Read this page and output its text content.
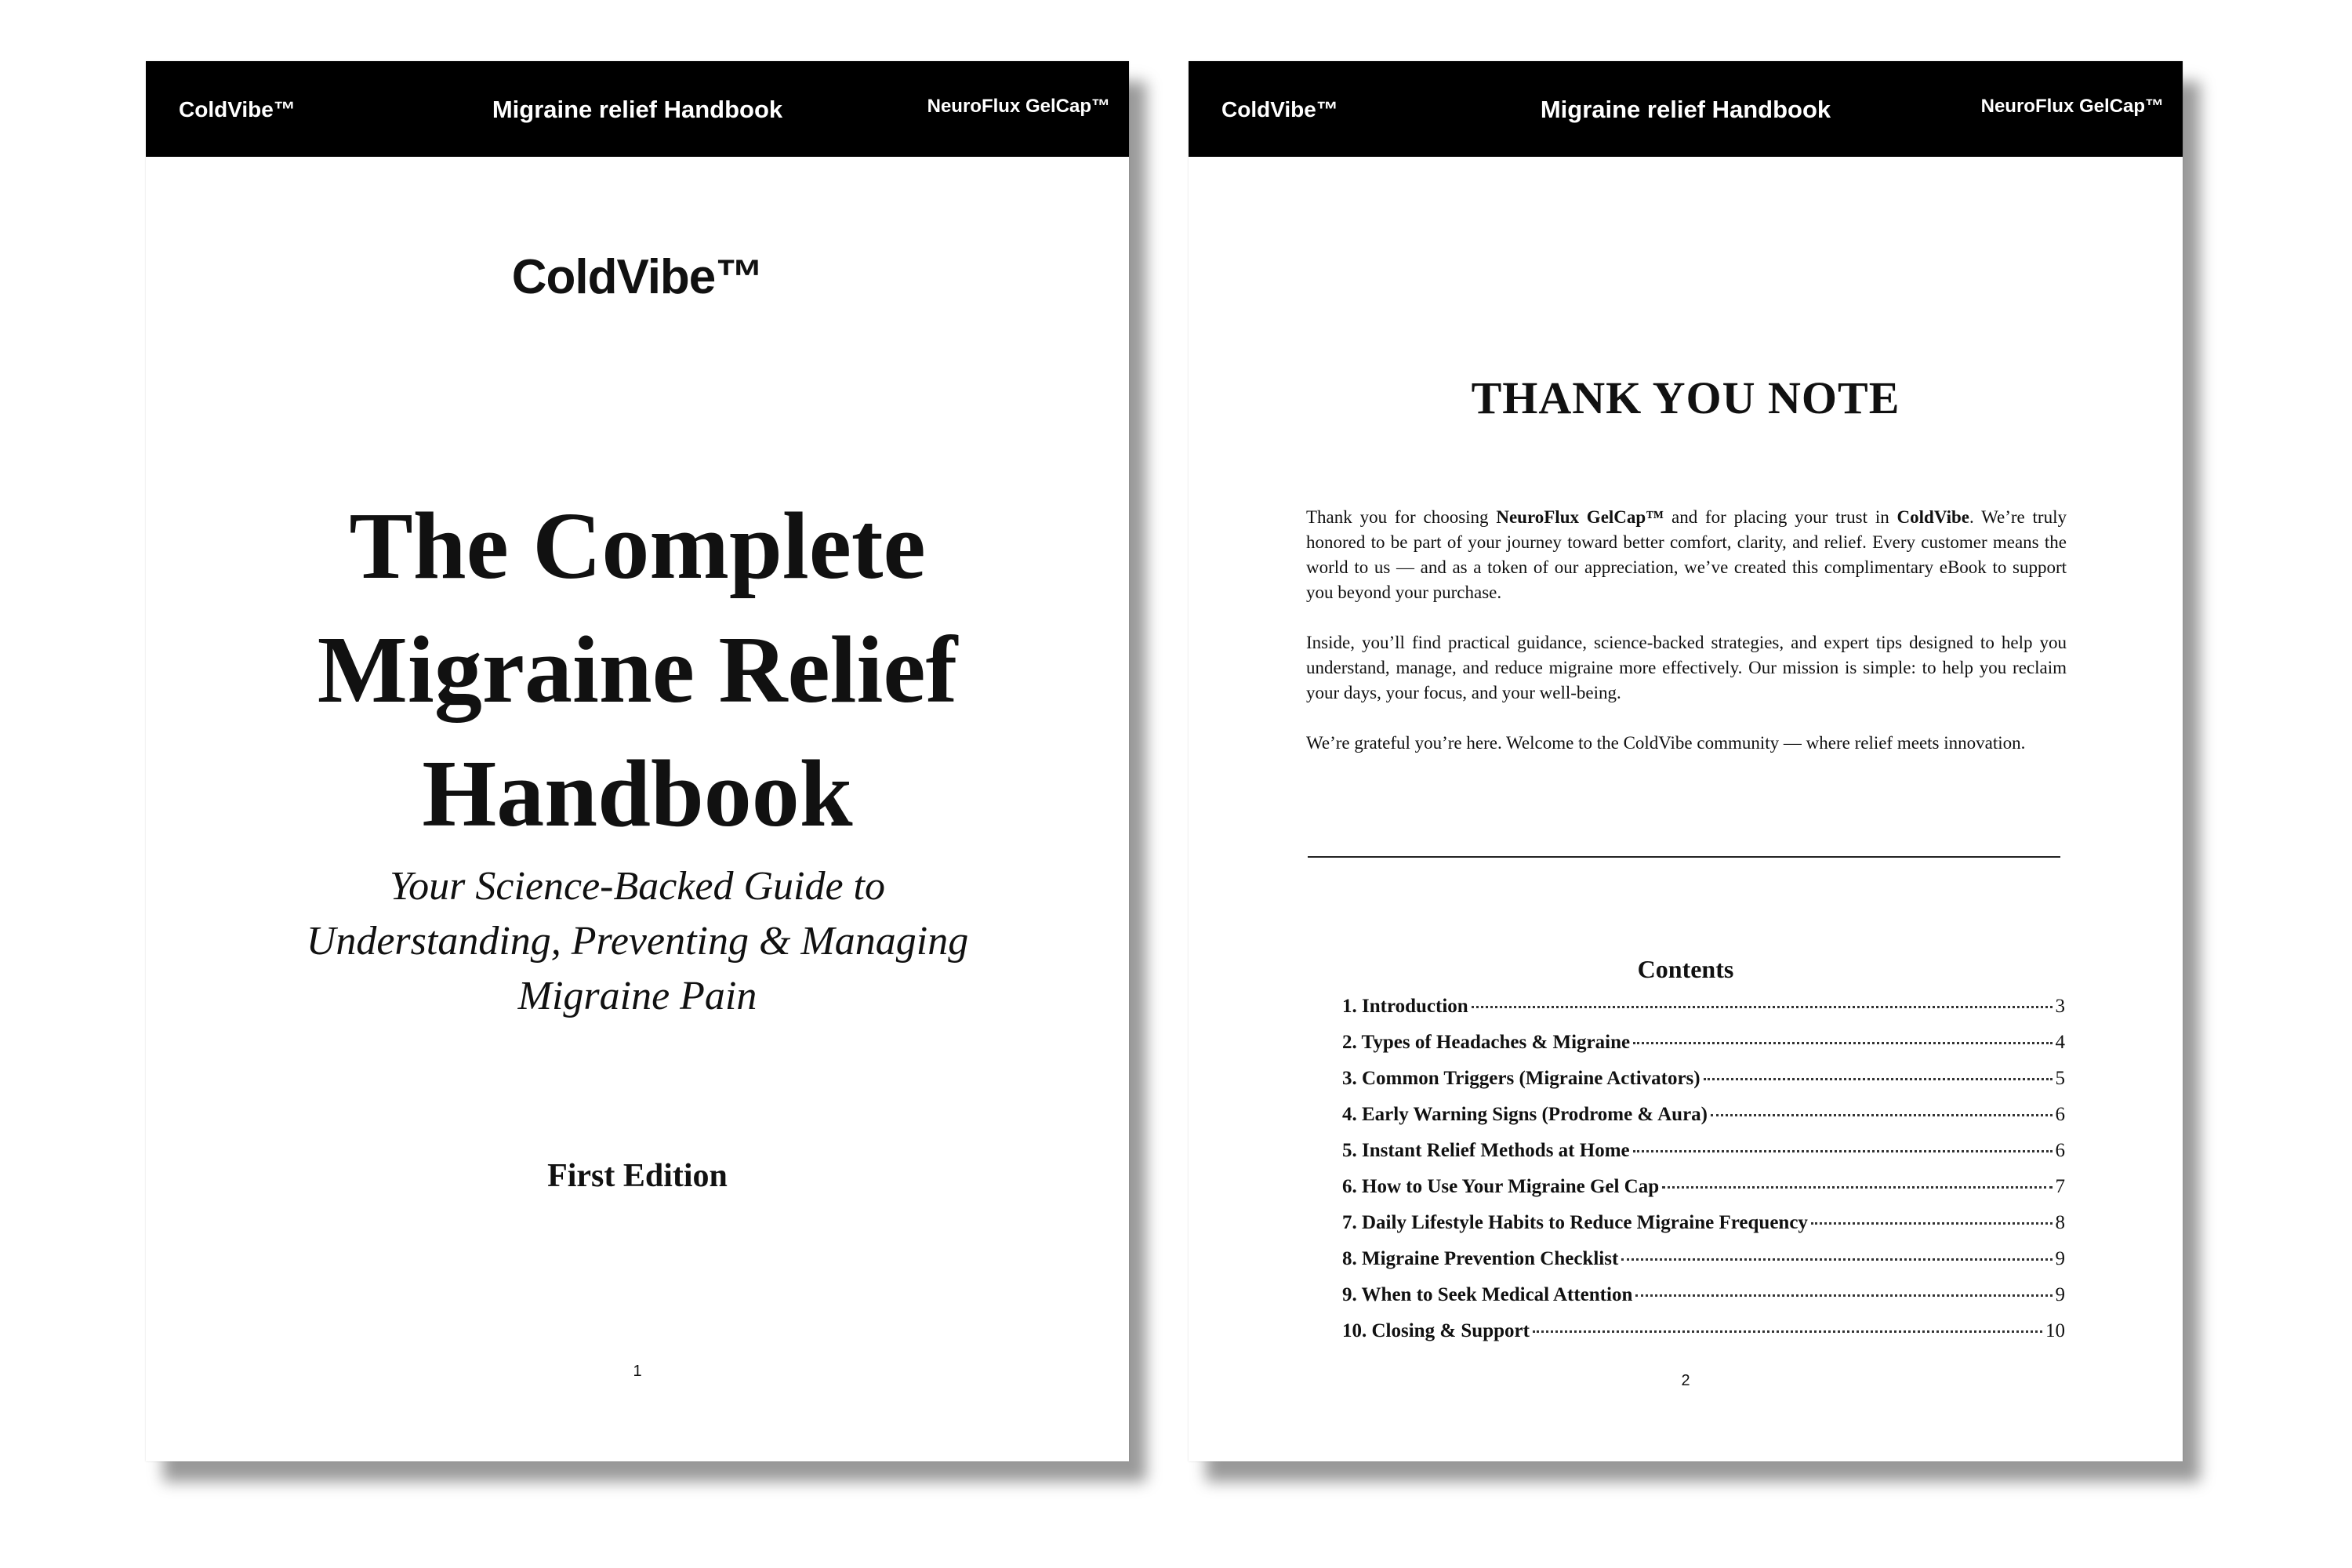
ColdVibe™	Migraine relief Handbook	NeuroFlux GelCap™
ColdVibe™
The Complete
Migraine Relief
Handbook
Your Science-Backed Guide to
Understanding, Preventing & Managing
Migraine Pain
First Edition
1
ColdVibe™	Migraine relief Handbook	NeuroFlux GelCap™
THANK YOU NOTE

Thank you for choosing NeuroFlux GelCap™ and for placing your trust in ColdVibe. We’re truly honored to be part of your journey toward better comfort, clarity, and relief. Every customer means the world to us — and as a token of our appreciation, we’ve created this complimentary eBook to support you beyond your purchase.

Inside, you’ll find practical guidance, science-backed strategies, and expert tips designed to help you understand, manage, and reduce migraine more effectively. Our mission is simple: to help you reclaim your days, your focus, and your well-being.

We’re grateful you’re here. Welcome to the ColdVibe community — where relief meets innovation.

Contents
1. Introduction	3
2. Types of Headaches & Migraine	4
3. Common Triggers (Migraine Activators)	5
4. Early Warning Signs (Prodrome & Aura)	6
5. Instant Relief Methods at Home	6
6. How to Use Your Migraine Gel Cap	7
7. Daily Lifestyle Habits to Reduce Migraine Frequency	8
8. Migraine Prevention Checklist	9
9. When to Seek Medical Attention	9
10. Closing & Support	10
2
